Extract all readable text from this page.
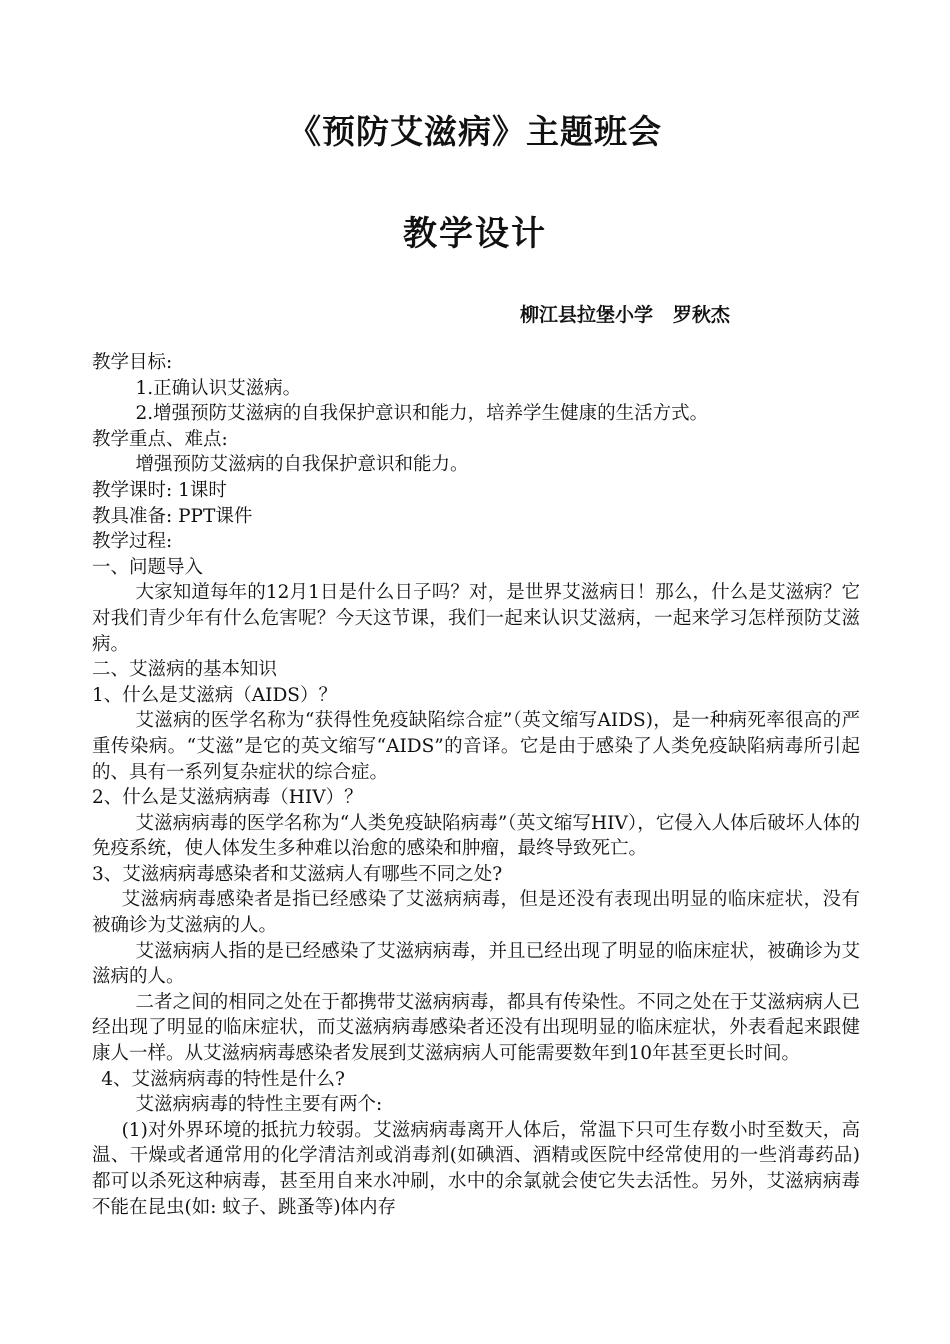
《预防艾滋病》主题班会
教学设计
柳江县拉堡小学   罗秋杰

教学目标:

1.正确认识艾滋病。

2.增强预防艾滋病的自我保护意识和能力，培养学生健康的生活方式。

教学重点、难点:

增强预防艾滋病的自我保护意识和能力。

教学课时: 1课时

教具准备: PPT课件

教学过程:

一、问题导入

大家知道每年的12月1日是什么日子吗？对，是世界艾滋病日！那么，什么是艾滋病？它对我们青少年有什么危害呢？今天这节课，我们一起来认识艾滋病，一起来学习怎样预防艾滋病。

二、艾滋病的基本知识

1、什么是艾滋病（AIDS）？

艾滋病的医学名称为“获得性免疫缺陷综合症”（英文缩写AIDS)，是一种病死率很高的严重传染病。“艾滋”是它的英文缩写“AIDS”的音译。它是由于感染了人类免疫缺陷病毒所引起的、具有一系列复杂症状的综合症。

2、什么是艾滋病病毒（HIV）？

艾滋病病毒的医学名称为“人类免疫缺陷病毒”（英文缩写HIV），它侵入人体后破坏人体的免疫系统，使人体发生多种难以治愈的感染和肿瘤，最终导致死亡。

3、艾滋病病毒感染者和艾滋病人有哪些不同之处?

艾滋病病毒感染者是指已经感染了艾滋病病毒，但是还没有表现出明显的临床症状，没有被确诊为艾滋病的人。

艾滋病病人指的是已经感染了艾滋病病毒，并且已经出现了明显的临床症状，被确诊为艾滋病的人。

二者之间的相同之处在于都携带艾滋病病毒，都具有传染性。不同之处在于艾滋病病人已经出现了明显的临床症状，而艾滋病病毒感染者还没有出现明显的临床症状，外表看起来跟健康人一样。从艾滋病病毒感染者发展到艾滋病病人可能需要数年到10年甚至更长时间。

4、艾滋病病毒的特性是什么?

艾滋病病毒的特性主要有两个:

(1)对外界环境的抵抗力较弱。艾滋病病毒离开人体后，常温下只可生存数小时至数天，高温、干燥或者通常用的化学清洁剂或消毒剂(如碘酒、酒精或医院中经常使用的一些消毒药品)都可以杀死这种病毒，甚至用自来水冲刷，水中的余氯就会使它失去活性。另外，艾滋病病毒不能在昆虫(如: 蚊子、跳蚤等)体内存
